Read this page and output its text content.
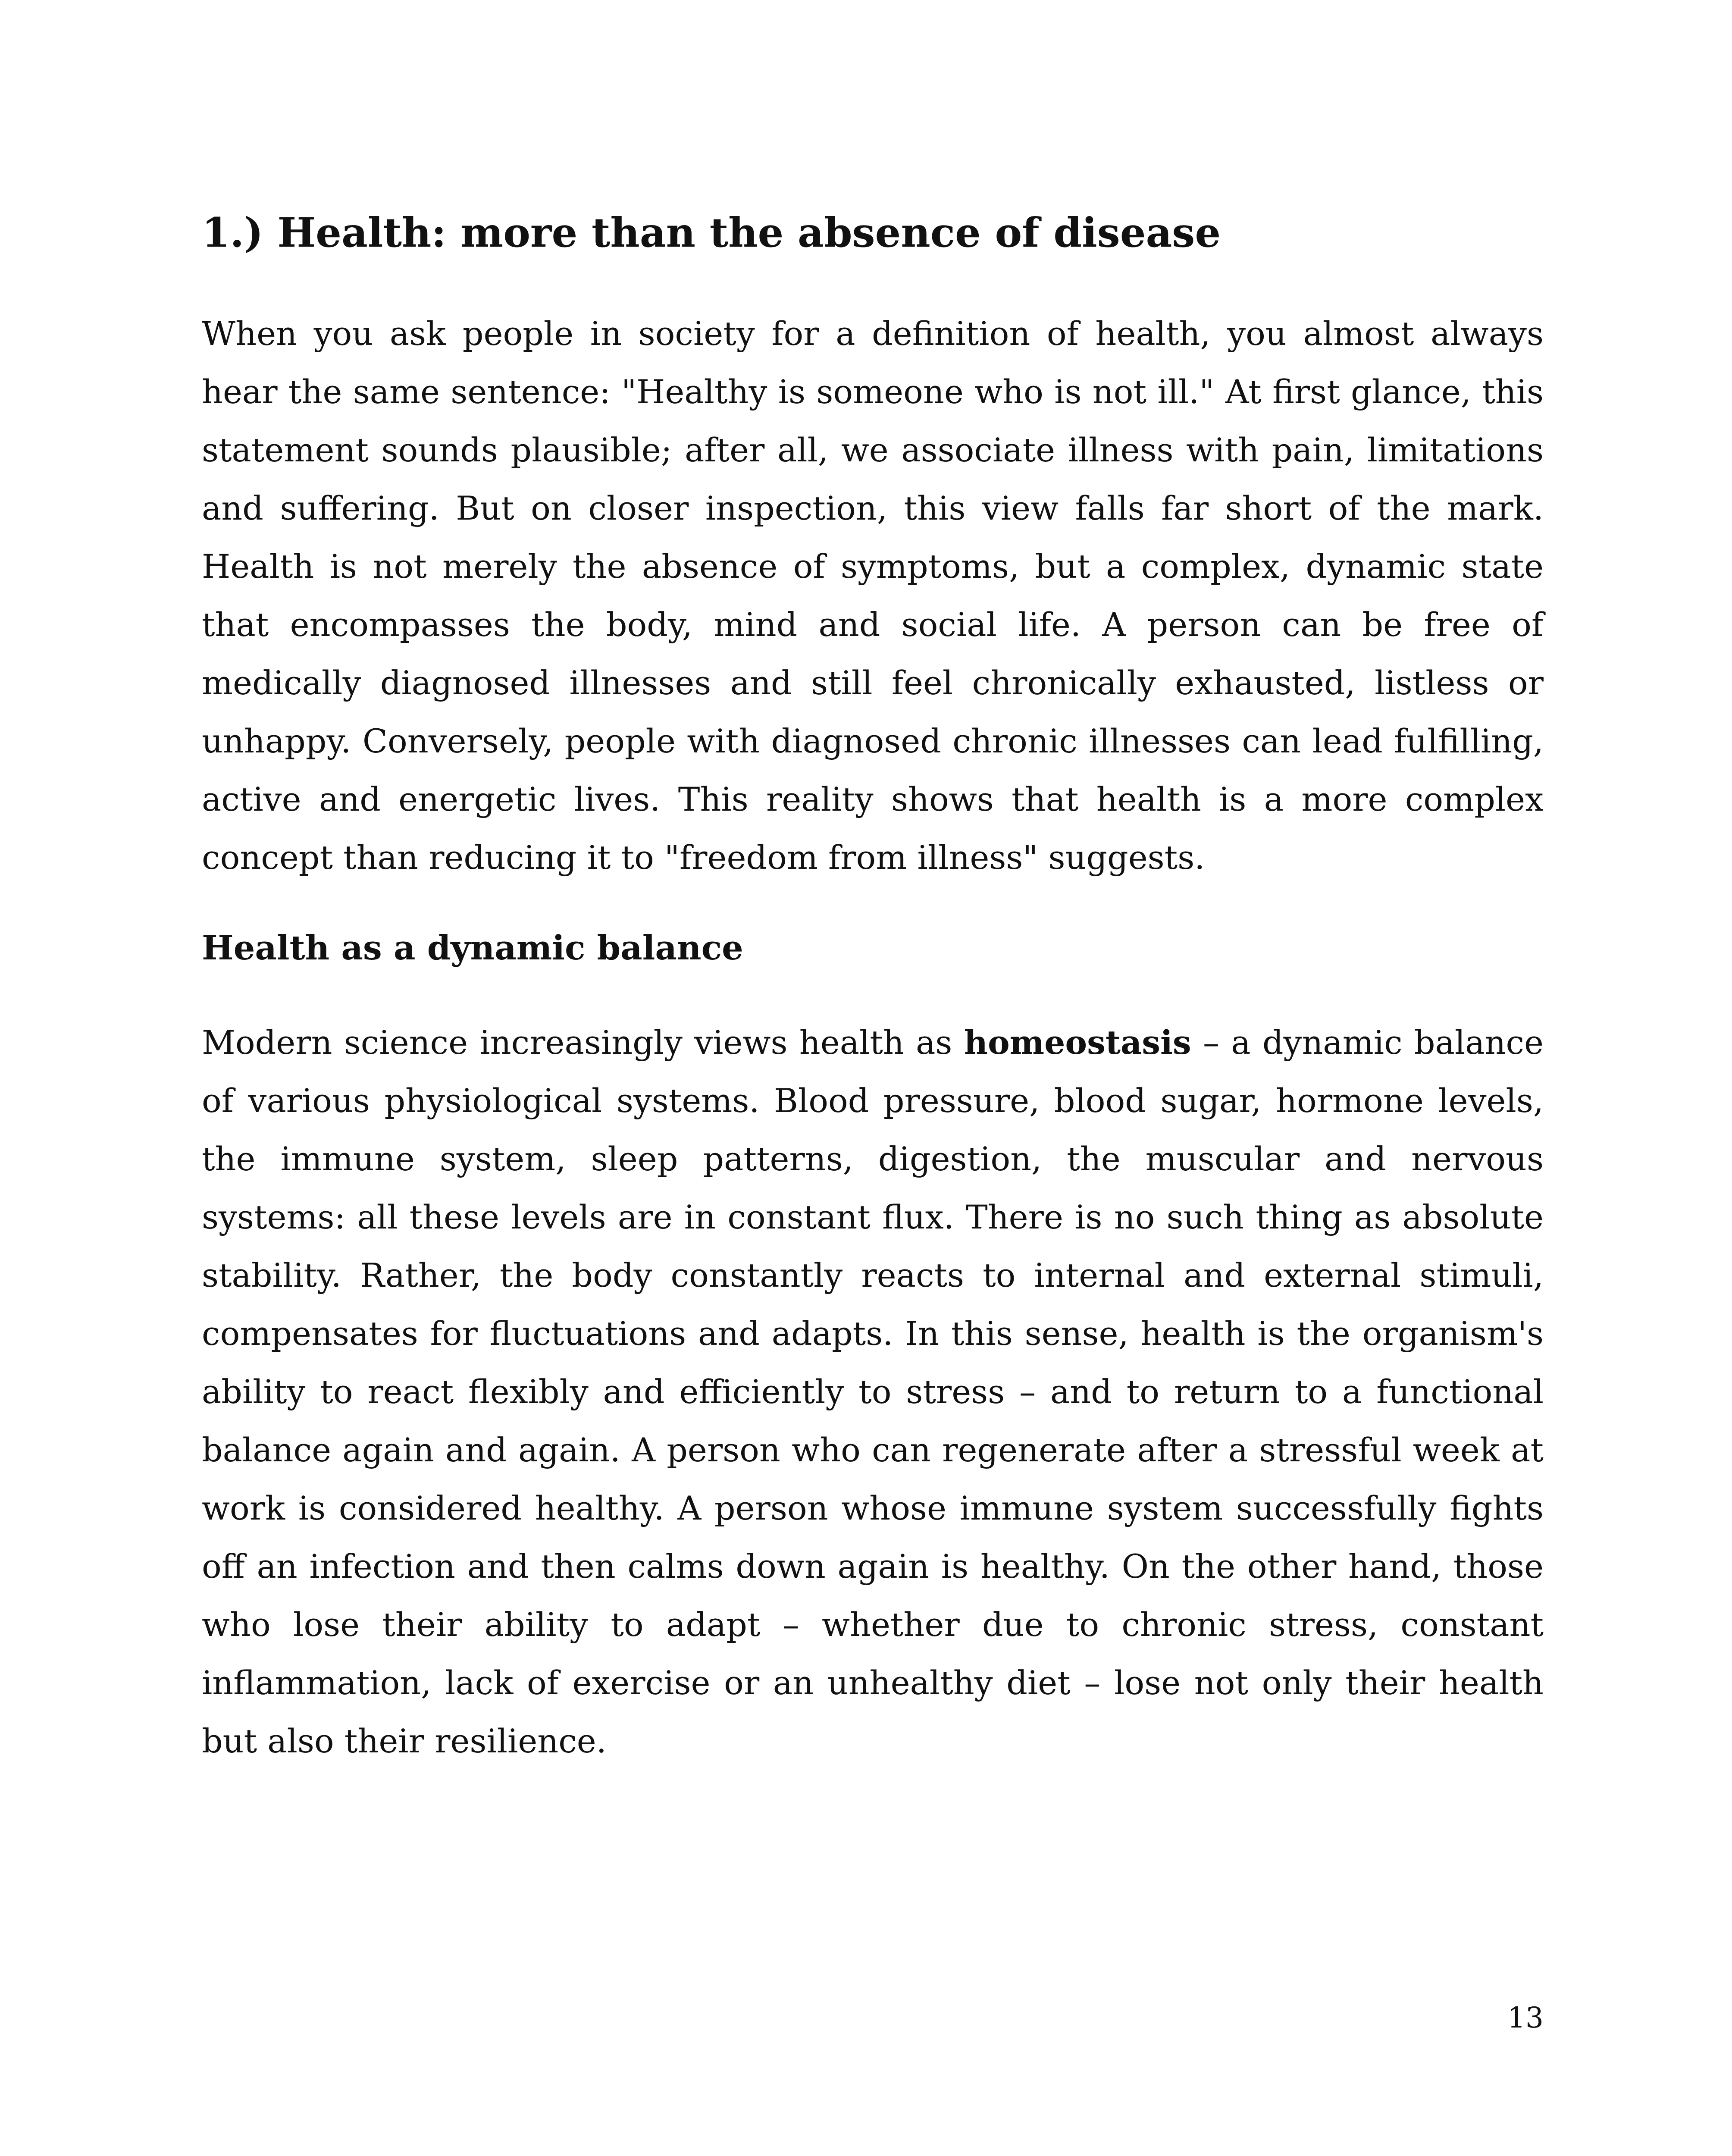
1.) Health: more than the absence of disease

When you ask people in society for a definition of health, you almost always hear the same sentence: "Healthy is someone who is not ill." At first glance, this statement sounds plausible; after all, we associate illness with pain, limitations and suffering. But on closer inspection, this view falls far short of the mark. Health is not merely the absence of symptoms, but a complex, dynamic state that encompasses the body, mind and social life. A person can be free of medically diagnosed illnesses and still feel chronically exhausted, listless or unhappy. Conversely, people with diagnosed chronic illnesses can lead fulfilling, active and energetic lives. This reality shows that health is a more complex concept than reducing it to "freedom from illness" suggests.

Health as a dynamic balance

Modern science increasingly views health as homeostasis – a dynamic balance of various physiological systems. Blood pressure, blood sugar, hormone levels, the immune system, sleep patterns, digestion, the muscular and nervous systems: all these levels are in constant flux. There is no such thing as absolute stability. Rather, the body constantly reacts to internal and external stimuli, compensates for fluctuations and adapts. In this sense, health is the organism's ability to react flexibly and efficiently to stress – and to return to a functional balance again and again. A person who can regenerate after a stressful week at work is considered healthy. A person whose immune system successfully fights off an infection and then calms down again is healthy. On the other hand, those who lose their ability to adapt – whether due to chronic stress, constant inflammation, lack of exercise or an unhealthy diet – lose not only their health but also their resilience.

13
